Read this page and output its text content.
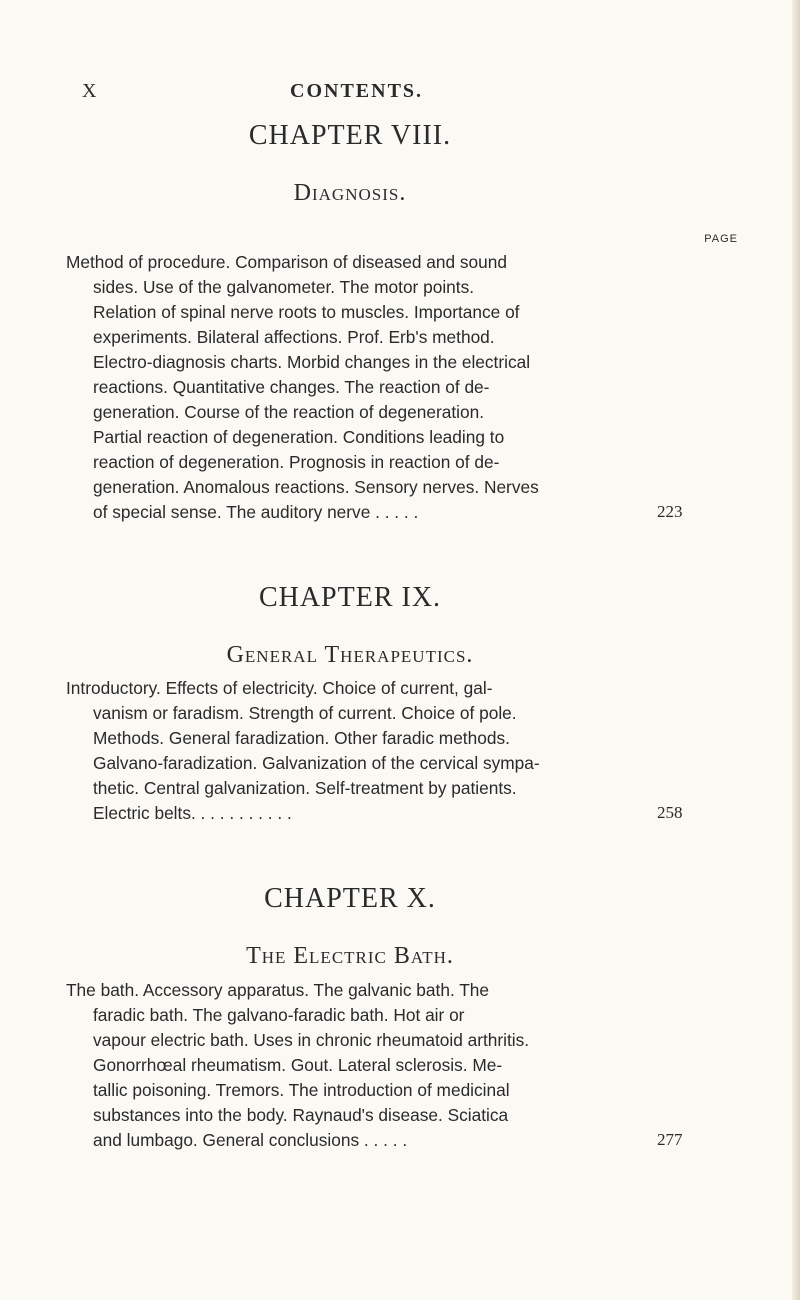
X	CONTENTS.
CHAPTER VIII.
Diagnosis.
PAGE
Method of procedure. Comparison of diseased and sound
sides. Use of the galvanometer. The motor points.
Relation of spinal nerve roots to muscles. Importance of
experiments. Bilateral affections. Prof. Erb's method.
Electro-diagnosis charts. Morbid changes in the electrical
reactions. Quantitative changes. The reaction of de-
generation. Course of the reaction of degeneration.
Partial reaction of degeneration. Conditions leading to
reaction of degeneration. Prognosis in reaction of de-
generation. Anomalous reactions. Sensory nerves. Nerves
of special sense. The auditory nerve . . . . .	223
CHAPTER IX.
General Therapeutics.
Introductory. Effects of electricity. Choice of current, gal-
vanism or faradism. Strength of current. Choice of pole.
Methods. General faradization. Other faradic methods.
Galvano-faradization. Galvanization of the cervical sympa-
thetic. Central galvanization. Self-treatment by patients.
Electric belts. . . . . . . . . . .	258
CHAPTER X.
The Electric Bath.
The bath. Accessory apparatus. The galvanic bath. The
faradic bath. The galvano-faradic bath. Hot air or
vapour electric bath. Uses in chronic rheumatoid arthritis.
Gonorrhœal rheumatism. Gout. Lateral sclerosis. Me-
tallic poisoning. Tremors. The introduction of medicinal
substances into the body. Raynaud's disease. Sciatica
and lumbago. General conclusions . . . . .	277
